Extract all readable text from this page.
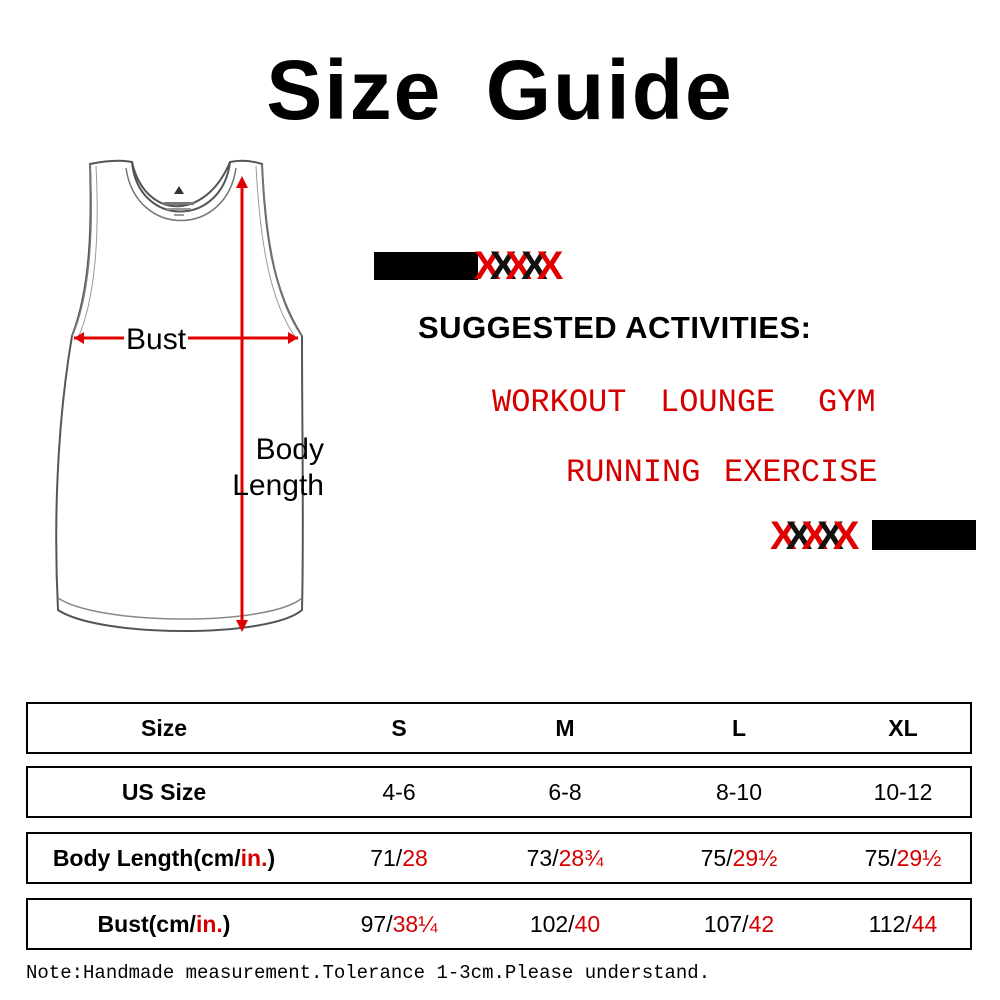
Size Guide
Bust
Body
Length
XXXXX
SUGGESTED ACTIVITIES:
WORKOUT LOUNGE GYM
RUNNING EXERCISE
XXXXX
Size	S	M	L	XL
US Size	4-6	6-8	8-10	10-12
Body Length(cm/ in. )	71/ 28	73/ 28¾	75/ 29½	75/ 29½
Bust(cm/ in. )	97/ 38¼	102/ 40	107/ 42	112/ 44
Note:Handmade measurement.Tolerance 1-3cm.Please understand.
